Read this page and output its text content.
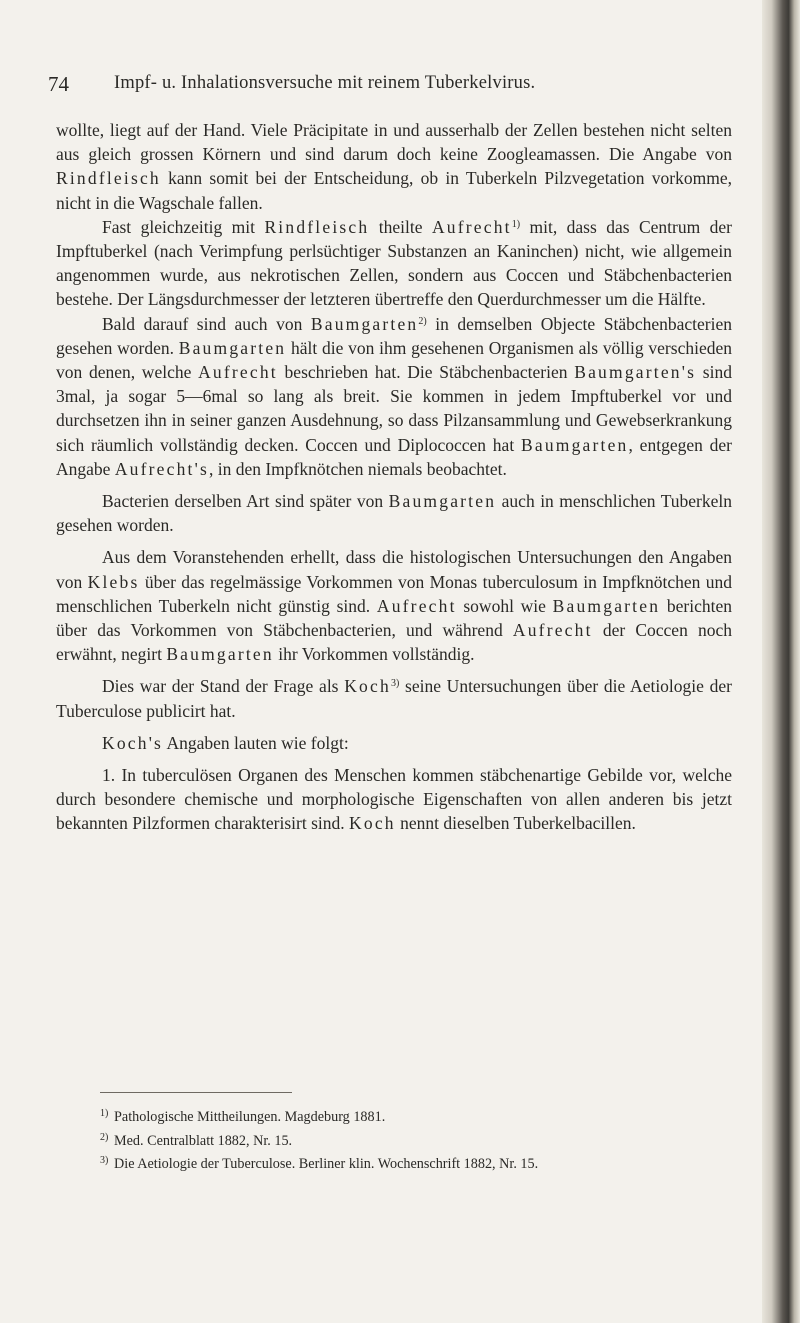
74 Impf- u. Inhalationsversuche mit reinem Tuberkelvirus.

wollte, liegt auf der Hand. Viele Präcipitate in und ausserhalb der Zellen bestehen nicht selten aus gleich grossen Körnern und sind darum doch keine Zoogleamassen. Die Angabe von Rindfleisch kann somit bei der Entscheidung, ob in Tuberkeln Pilzvegetation vorkomme, nicht in die Wagschale fallen.

Fast gleichzeitig mit Rindfleisch theilte Aufrecht$^{1)}$ mit, dass das Centrum der Impftuberkel (nach Verimpfung perlsüchtiger Substanzen an Kaninchen) nicht, wie allgemein angenommen wurde, aus nekrotischen Zellen, sondern aus Coccen und Stäbchenbacterien bestehe. Der Längsdurchmesser der letzteren übertreffe den Querdurchmesser um die Hälfte.

Bald darauf sind auch von Baumgarten$^{2)}$ in demselben Objecte Stäbchenbacterien gesehen worden. Baumgarten hält die von ihm gesehenen Organismen als völlig verschieden von denen, welche Aufrecht beschrieben hat. Die Stäbchenbacterien Baumgarten's sind 3mal, ja sogar 5—6mal so lang als breit. Sie kommen in jedem Impftuberkel vor und durchsetzen ihn in seiner ganzen Ausdehnung, so dass Pilzansammlung und Gewebserkrankung sich räumlich vollständig decken. Coccen und Diplococcen hat Baumgarten, entgegen der Angabe Aufrecht's, in den Impfknötchen niemals beobachtet.

Bacterien derselben Art sind später von Baumgarten auch in menschlichen Tuberkeln gesehen worden.

Aus dem Voranstehenden erhellt, dass die histologischen Untersuchungen den Angaben von Klebs über das regelmässige Vorkommen von Monas tuberculosum in Impfknötchen und menschlichen Tuberkeln nicht günstig sind. Aufrecht sowohl wie Baumgarten berichten über das Vorkommen von Stäbchenbacterien, und während Aufrecht der Coccen noch erwähnt, negirt Baumgarten ihr Vorkommen vollständig.

Dies war der Stand der Frage als Koch$^{3)}$ seine Untersuchungen über die Aetiologie der Tuberculose publicirt hat.

Koch's Angaben lauten wie folgt:

1. In tuberculösen Organen des Menschen kommen stäbchenartige Gebilde vor, welche durch besondere chemische und morphologische Eigenschaften von allen anderen bis jetzt bekannten Pilzformen charakterisirt sind. Koch nennt dieselben Tuberkelbacillen.

1) Pathologische Mittheilungen. Magdeburg 1881.
2) Med. Centralblatt 1882, Nr. 15.
3) Die Aetiologie der Tuberculose. Berliner klin. Wochenschrift 1882, Nr. 15.
